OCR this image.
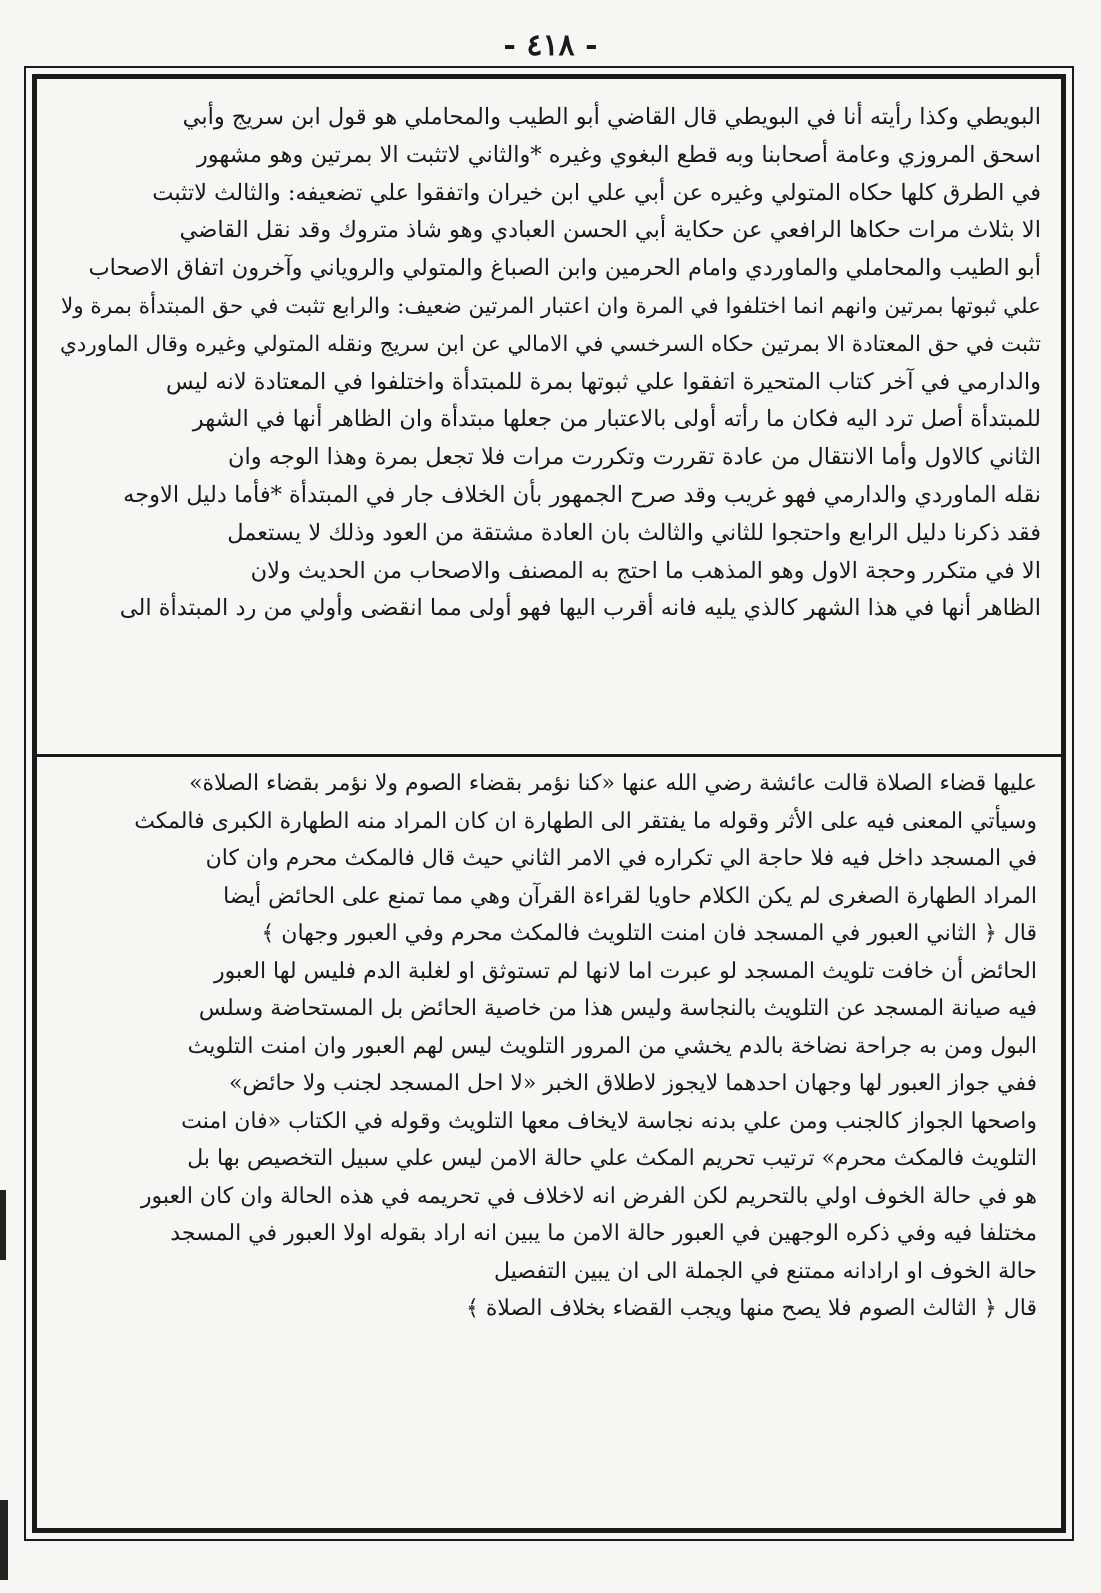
- ٤١٨ -
البويطي وكذا رأيته أنا في البويطي قال القاضي أبو الطيب والمحاملي هو قول ابن سريج وأبي
اسحق المروزي وعامة أصحابنا وبه قطع البغوي وغيره *والثاني لاتثبت الا بمرتين وهو مشهور
في الطرق كلها حكاه المتولي وغيره عن أبي علي ابن خيران واتفقوا علي تضعيفه: والثالث لاتثبت
الا بثلاث مرات حكاها الرافعي عن حكاية أبي الحسن العبادي وهو شاذ متروك وقد نقل القاضي
أبو الطيب والمحاملي والماوردي وامام الحرمين وابن الصباغ والمتولي والروياني وآخرون اتفاق الاصحاب
علي ثبوتها بمرتين وانهم انما اختلفوا في المرة وان اعتبار المرتين ضعيف: والرابع تثبت في حق المبتدأة بمرة ولا
تثبت في حق المعتادة الا بمرتين حكاه السرخسي في الامالي عن ابن سريج ونقله المتولي وغيره وقال الماوردي
والدارمي في آخر كتاب المتحيرة اتفقوا علي ثبوتها بمرة للمبتدأة واختلفوا في المعتادة لانه ليس
للمبتدأة أصل ترد اليه فكان ما رأته أولى بالاعتبار من جعلها مبتدأة وان الظاهر أنها في الشهر
الثاني كالاول وأما الانتقال من عادة تقررت وتكررت مرات فلا تجعل بمرة وهذا الوجه وان
نقله الماوردي والدارمي فهو غريب وقد صرح الجمهور بأن الخلاف جار في المبتدأة *فأما دليل الاوجه
فقد ذكرنا دليل الرابع واحتجوا للثاني والثالث بان العادة مشتقة من العود وذلك لا يستعمل
الا في متكرر وحجة الاول وهو المذهب ما احتج به المصنف والاصحاب من الحديث ولان
الظاهر أنها في هذا الشهر كالذي يليه فانه أقرب اليها فهو أولى مما انقضى وأولي من رد المبتدأة الى
عليها قضاء الصلاة قالت عائشة رضي الله عنها «كنا نؤمر بقضاء الصوم ولا نؤمر بقضاء الصلاة»
وسيأتي المعنى فيه على الأثر وقوله ما يفتقر الى الطهارة ان كان المراد منه الطهارة الكبرى فالمكث
في المسجد داخل فيه فلا حاجة الي تكراره في الامر الثاني حيث قال فالمكث محرم وان كان
المراد الطهارة الصغرى لم يكن الكلام حاويا لقراءة القرآن وهي مما تمنع على الحائض أيضا
قال ﴿ الثاني العبور في المسجد فان امنت التلويث فالمكث محرم وفي العبور وجهان ﴾
الحائض أن خافت تلويث المسجد لو عبرت اما لانها لم تستوثق او لغلبة الدم فليس لها العبور
فيه صيانة المسجد عن التلويث بالنجاسة وليس هذا من خاصية الحائض بل المستحاضة وسلس
البول ومن به جراحة نضاخة بالدم يخشي من المرور التلويث ليس لهم العبور وان امنت التلويث
ففي جواز العبور لها وجهان احدهما لايجوز لاطلاق الخبر «لا احل المسجد لجنب ولا حائض»
واصحها الجواز كالجنب ومن علي بدنه نجاسة لايخاف معها التلويث وقوله في الكتاب «فان امنت
التلويث فالمكث محرم» ترتيب تحريم المكث علي حالة الامن ليس علي سبيل التخصيص بها بل
هو في حالة الخوف اولي بالتحريم لكن الفرض انه لاخلاف في تحريمه في هذه الحالة وان كان العبور
مختلفا فيه وفي ذكره الوجهين في العبور حالة الامن ما يبين انه اراد بقوله اولا العبور في المسجد
حالة الخوف او ارادانه ممتنع في الجملة الى ان يبين التفصيل
قال ﴿ الثالث الصوم فلا يصح منها ويجب القضاء بخلاف الصلاة ﴾
